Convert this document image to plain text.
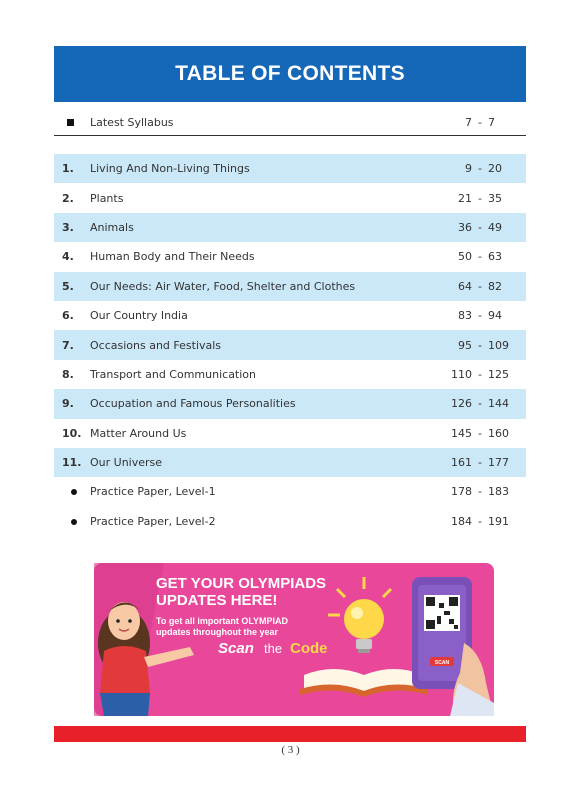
TABLE OF CONTENTS
Latest Syllabus	7 - 7
1.	Living And Non-Living Things	9 - 20
2.	Plants	21 - 35
3.	Animals	36 - 49
4.	Human Body and Their Needs	50 - 63
5.	Our Needs: Air Water, Food, Shelter and Clothes	64 - 82
6.	Our Country India	83 - 94
7.	Occasions and Festivals	95 - 109
8.	Transport and Communication	110 - 125
9.	Occupation and Famous Personalities	126 - 144
10. Matter Around Us	145 - 160
11. Our Universe	161 - 177
Practice Paper, Level-1	178 - 183
Practice Paper, Level-2	184 - 191
GET YOUR OLYMPIADS
UPDATES HERE!
To get all important OLYMPIAD
updates throughout the year
Scan the Code
SCAN
( 3 )
